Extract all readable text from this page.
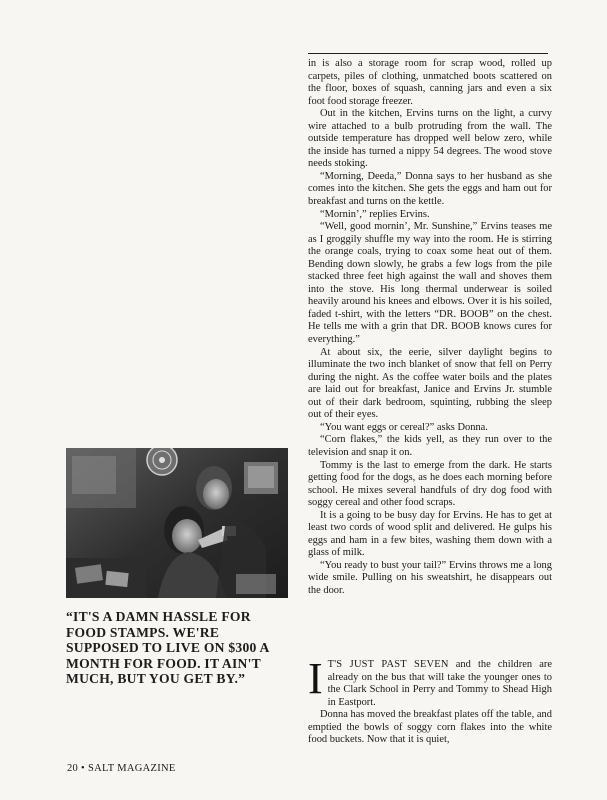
in is also a storage room for scrap wood, rolled up carpets, piles of clothing, unmatched boots scattered on the floor, boxes of squash, canning jars and even a six foot food storage freezer.

Out in the kitchen, Ervins turns on the light, a curvy wire attached to a bulb protruding from the wall. The outside temperature has dropped well below zero, while the inside has turned a nippy 54 degrees. The wood stove needs stoking.

“Morning, Deeda,” Donna says to her husband as she comes into the kitchen. She gets the eggs and ham out for breakfast and turns on the kettle.

“Mornin’,” replies Ervins.

“Well, good mornin’, Mr. Sunshine,” Ervins teases me as I groggily shuffle my way into the room. He is stirring the orange coals, trying to coax some heat out of them. Bending down slowly, he grabs a few logs from the pile stacked three feet high against the wall and shoves them into the stove. His long thermal underwear is soiled heavily around his knees and elbows. Over it is his soiled, faded t-shirt, with the letters “DR. BOOB” on the chest. He tells me with a grin that DR. BOOB knows cures for everything.”

At about six, the eerie, silver daylight begins to illuminate the two inch blanket of snow that fell on Perry during the night. As the coffee water boils and the plates are laid out for breakfast, Janice and Ervins Jr. stumble out of their dark bedroom, squinting, rubbing the sleep out of their eyes.

“You want eggs or cereal?” asks Donna.

“Corn flakes,” the kids yell, as they run over to the television and snap it on.

Tommy is the last to emerge from the dark. He starts getting food for the dogs, as he does each morning before school. He mixes several handfuls of dry dog food with soggy cereal and other food scraps.

It is a going to be busy day for Ervins. He has to get at least two cords of wood split and delivered. He gulps his eggs and ham in a few bites, washing them down with a glass of milk.

“You ready to bust your tail?” Ervins throws me a long wide smile. Pulling on his sweatshirt, he disappears out the door.

I T'S JUST PAST SEVEN and the children are already on the bus that will take the younger ones to the Clark School in Perry and Tommy to Shead High in Eastport.

Donna has moved the breakfast plates off the table, and emptied the bowls of soggy corn flakes into the white food buckets. Now that it is quiet,

“IT'S A DAMN HASSLE FOR FOOD STAMPS. WE'RE SUPPOSED TO LIVE ON $300 A MONTH FOR FOOD. IT AIN'T MUCH, BUT YOU GET BY.”
20 • SALT MAGAZINE
